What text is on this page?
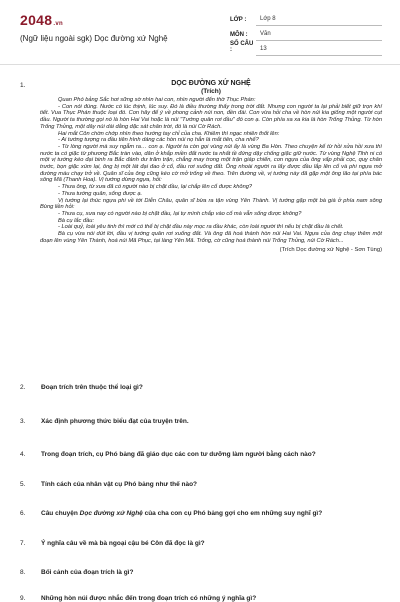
2048.vn
(Ngữ liệu ngoài sgk) Dọc đường xứ Nghệ
LỚP :	Lớp 8
MÔN :	Văn
SỐ CÂU :	13
1.	DỌC ĐƯỜNG XỨ NGHỆ
(Trích)

Quan Phó bảng Sắc hơi sững sờ nhìn hai con, nhìn người đến thờ Thục Phán:

- Con nói đúng. Nước có lúc thịnh, lúc suy. Đó là điều thường thấy trong trời đất. Nhưng con người ta lại phải biết giữ trọn khí tiết. Vua Thục Phán thuộc loại đó. Con hãy để ý về phong cảnh núi non, đền đài. Con vừa hỏi cha về hòn núi kia giống một người cụt đầu. Người ta thường gọi nó là hòn Hai Vai hoặc là núi "Tướng quân rơi đầu" đó con ạ. Còn phía xa xa kia là hòn Trống Thủng. Từ hòn Trống Thủng, một dây núi dài dằng dặc sát chân trời, đó là núi Cờ Rách.

Hai mắt Côn chờn chớp nhìn theo hướng tay chỉ của cha. Khiêm thì ngạc nhiên thốt lên:

- Ai tướng tượng ra đầu tiên hình dáng các hòn núi nọ hẳn là mắt tiên, cha nhể?

- Từ lòng người mà suy ngẫm ra… con ạ. Người ta còn gọi vùng núi ấy là vùng Ba Hòn. Theo chuyện kể từ hồi xửa hồi xưa thì nước ta có giặc từ phương Bắc tràn vào, dân ở khắp miền đất nước ta nhất tề đứng dậy chống giặc giữ nước. Từ vùng Nghệ Tĩnh ni có một vị tướng kéo đại binh ra Bắc đánh dư trăm trận, chẳng may trong một trận giáp chiến, con ngựa của ông vấp phải cọc, quỵ chân trước, bọn giặc xúm lại, ông bị một lát đại đao ở cổ, đầu rơi xuống đất. Ông nhoài người ra lấy được đầu lắp lên cổ và phi ngựa mở đường máu chạy trở về. Quân sĩ của ông cũng kéo cờ mở trống về theo. Trên đường về, vị tướng này đã gặp một ông lão tại phía bác sông Mã (Thanh Hoa). Vị tướng dừng ngựa, hỏi:

- Thưa ông, từ xưa đã có người nào bị chặt đầu, lại chắp lên cổ được không?

- Thưa tướng quân, sống được ạ.

Vị tướng lại thúc ngựa phi về tới Diễn Châu, quân sĩ bừa ra tận vùng Yên Thành. Vị tướng gặp một bà già ở phía nam sông Bùng liền hỏi:

- Thưa cụ, xưa nay có người nào bị chặt đầu, lại tự mình chắp vào cổ mà vẫn sống được không?

Bà cụ lắc đầu:

- Loài quỷ, loài yêu tinh thì mới có thể bị chặt đầu này mọc ra đầu khác, còn loài người thì nếu bị chặt đầu là chết.

Bà cụ vừa nói dứt lời, đầu vị tướng quân rơi xuống đất. Và ông đã hoá thành hòn núi Hai Vai. Ngựa của ông chạy thêm một đoạn lên vùng Yên Thành, hoá núi Mã Phục, tại làng Yên Mã. Trống, cờ cũng hoá thành núi Trống Thủng, núi Cờ Rách...

(Trích Dọc đường xứ Nghệ - Sơn Tùng)
2. Đoạn trích trên thuộc thể loại gì?
3. Xác định phương thức biểu đạt của truyện trên.
4. Trong đoạn trích, cụ Phó bảng đã giáo dục các con tư dưỡng làm người bằng cách nào?
5. Tính cách của nhân vật cụ Phó bảng như thế nào?
6. Câu chuyện Dọc đường xứ Nghệ của cha con cụ Phó bảng gợi cho em những suy nghĩ gì?
7. Ý nghĩa câu về mà bà ngoại cậu bé Côn đã đọc là gì?
8. Bối cảnh của đoạn trích là gì?
9. Những hòn núi được nhắc đến trong đoạn trích có những ý nghĩa gì?
